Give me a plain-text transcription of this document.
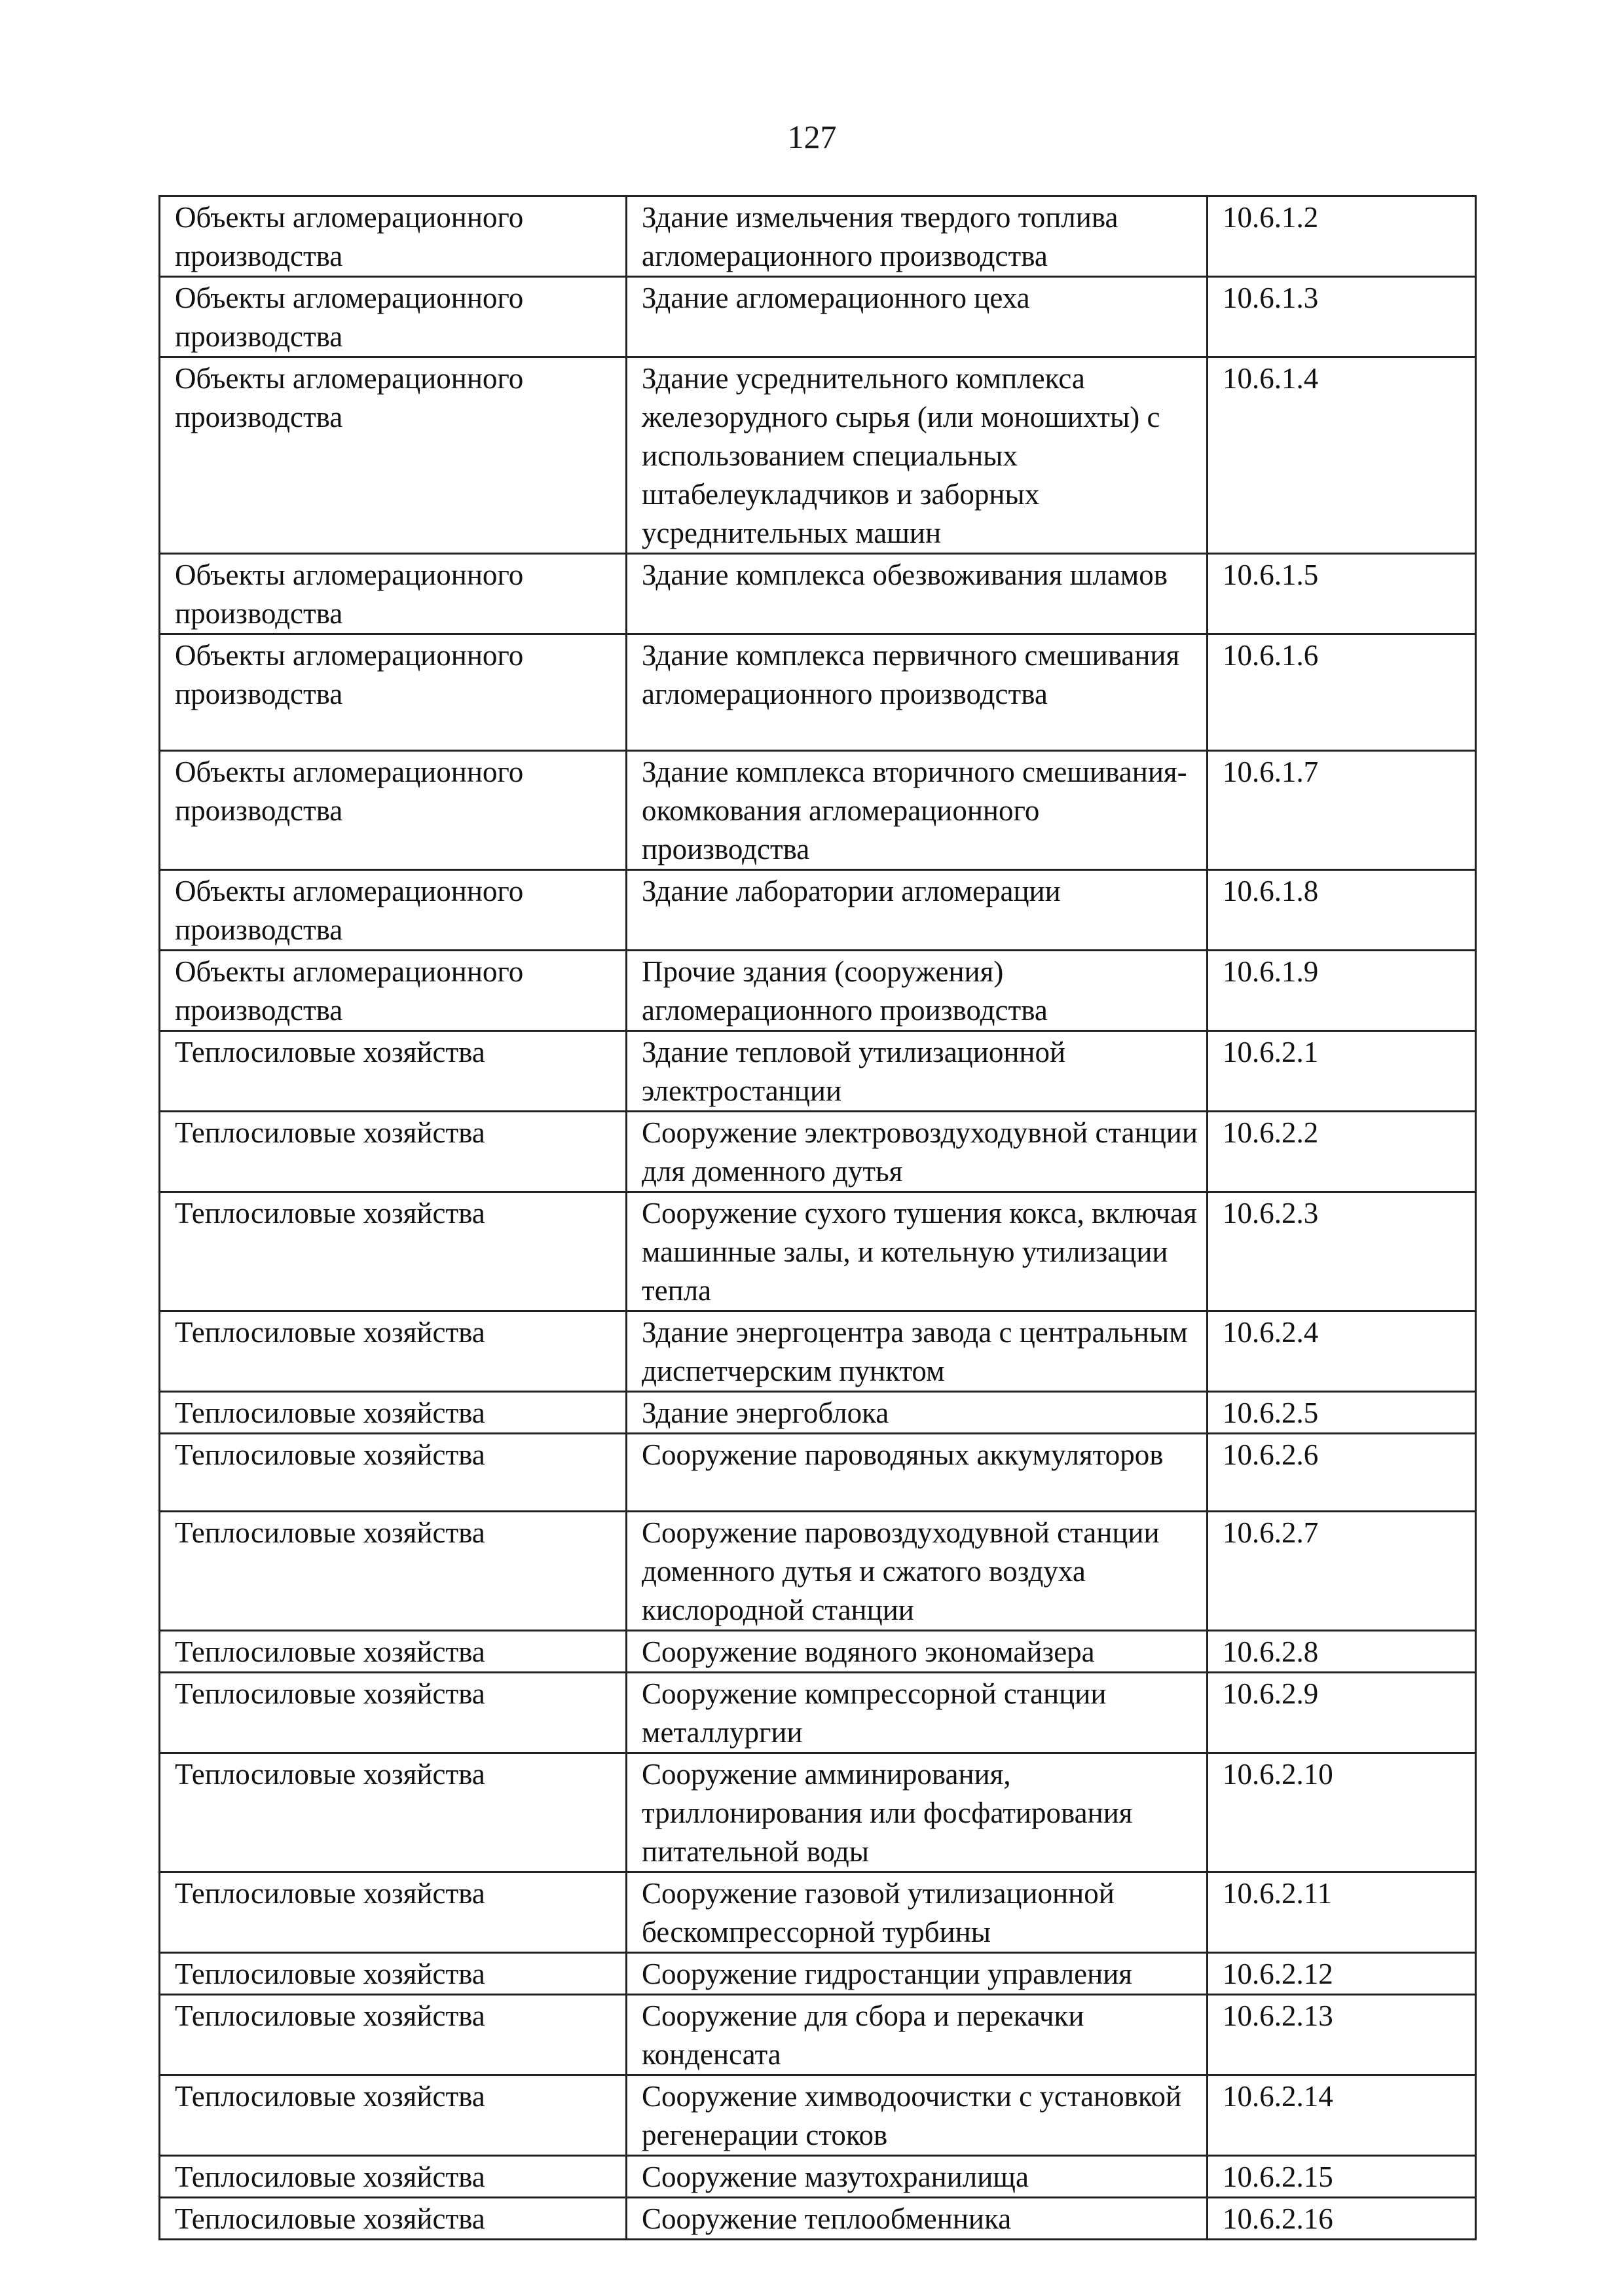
127
Объекты агломерационного производства	Здание измельчения твердого топлива агломерационного производства	10.6.1.2
Объекты агломерационного производства	Здание агломерационного цеха	10.6.1.3
Объекты агломерационного производства	Здание усреднительного комплекса железорудного сырья (или моношихты) с использованием специальных штабелеукладчиков и заборных усреднительных машин	10.6.1.4
Объекты агломерационного производства	Здание комплекса обезвоживания шламов	10.6.1.5
Объекты агломерационного производства	Здание комплекса первичного смешивания агломерационного производства	10.6.1.6
Объекты агломерационного производства	Здание комплекса вторичного смешивания-окомкования агломерационного производства	10.6.1.7
Объекты агломерационного производства	Здание лаборатории агломерации	10.6.1.8
Объекты агломерационного производства	Прочие здания (сооружения) агломерационного производства	10.6.1.9
Теплосиловые хозяйства	Здание тепловой утилизационной электростанции	10.6.2.1
Теплосиловые хозяйства	Сооружение электровоздуходувной станции для доменного дутья	10.6.2.2
Теплосиловые хозяйства	Сооружение сухого тушения кокса, включая машинные залы, и котельную утилизации тепла	10.6.2.3
Теплосиловые хозяйства	Здание энергоцентра завода с центральным диспетчерским пунктом	10.6.2.4
Теплосиловые хозяйства	Здание энергоблока	10.6.2.5
Теплосиловые хозяйства	Сооружение пароводяных аккумуляторов	10.6.2.6
Теплосиловые хозяйства	Сооружение паровоздуходувной станции доменного дутья и сжатого воздуха кислородной станции	10.6.2.7
Теплосиловые хозяйства	Сооружение водяного экономайзера	10.6.2.8
Теплосиловые хозяйства	Сооружение компрессорной станции металлургии	10.6.2.9
Теплосиловые хозяйства	Сооружение амминирования, триллонирования или фосфатирования питательной воды	10.6.2.10
Теплосиловые хозяйства	Сооружение газовой утилизационной бескомпрессорной турбины	10.6.2.11
Теплосиловые хозяйства	Сооружение гидростанции управления	10.6.2.12
Теплосиловые хозяйства	Сооружение для сбора и перекачки конденсата	10.6.2.13
Теплосиловые хозяйства	Сооружение химводоочистки с установкой регенерации стоков	10.6.2.14
Теплосиловые хозяйства	Сооружение мазутохранилища	10.6.2.15
Теплосиловые хозяйства	Сооружение теплообменника	10.6.2.16
